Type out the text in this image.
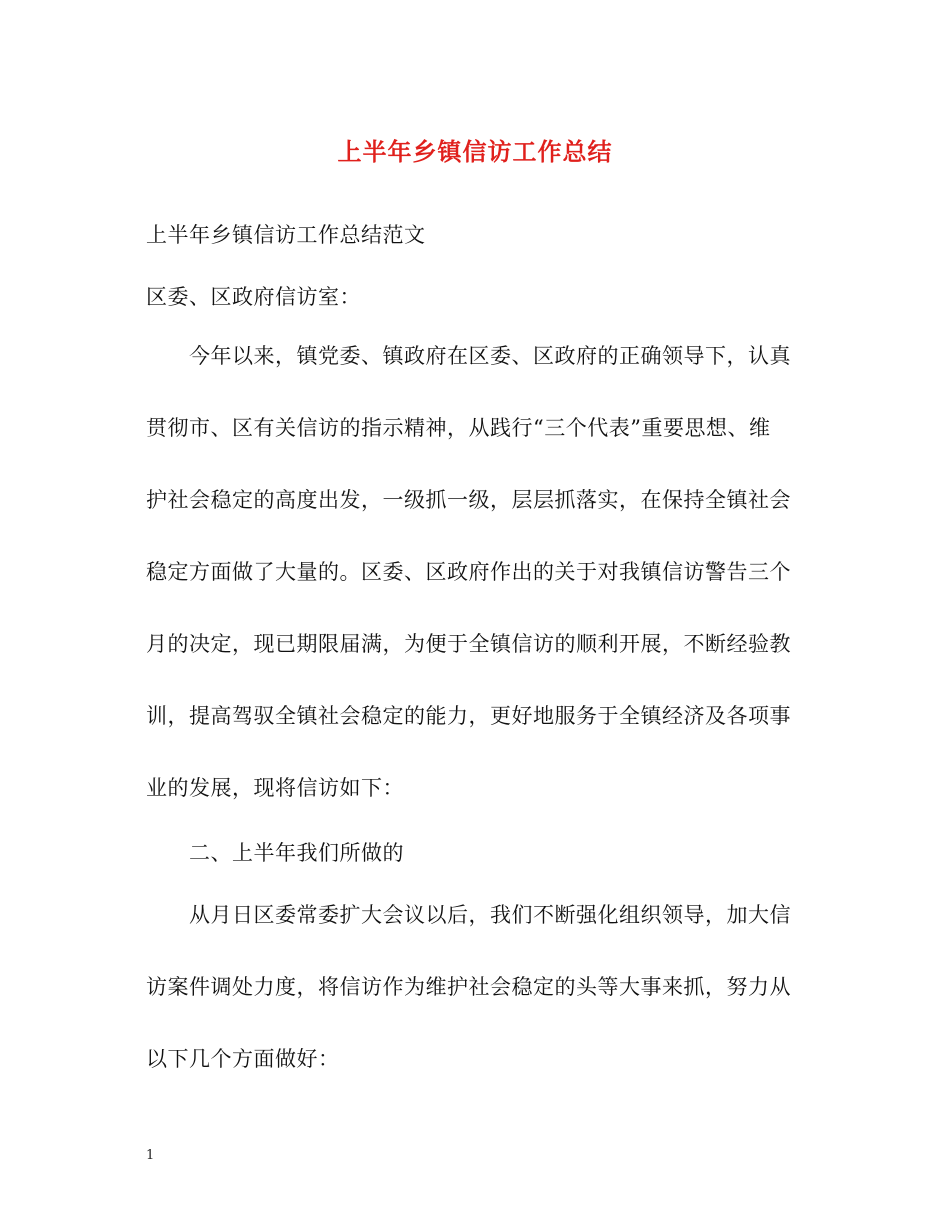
上半年乡镇信访工作总结
上半年乡镇信访工作总结范文
区委、区政府信访室：
今年以来，镇党委、镇政府在区委、区政府的正确领导下，认真
贯彻市、区有关信访的指示精神，从践行“三个代表”重要思想、维
护社会稳定的高度出发，一级抓一级，层层抓落实，在保持全镇社会
稳定方面做了大量的。区委、区政府作出的关于对我镇信访警告三个
月的决定，现已期限届满，为便于全镇信访的顺利开展，不断经验教
训，提高驾驭全镇社会稳定的能力，更好地服务于全镇经济及各项事
业的发展，现将信访如下：
二、上半年我们所做的
从月日区委常委扩大会议以后，我们不断强化组织领导，加大信
访案件调处力度，将信访作为维护社会稳定的头等大事来抓，努力从
以下几个方面做好：
1
